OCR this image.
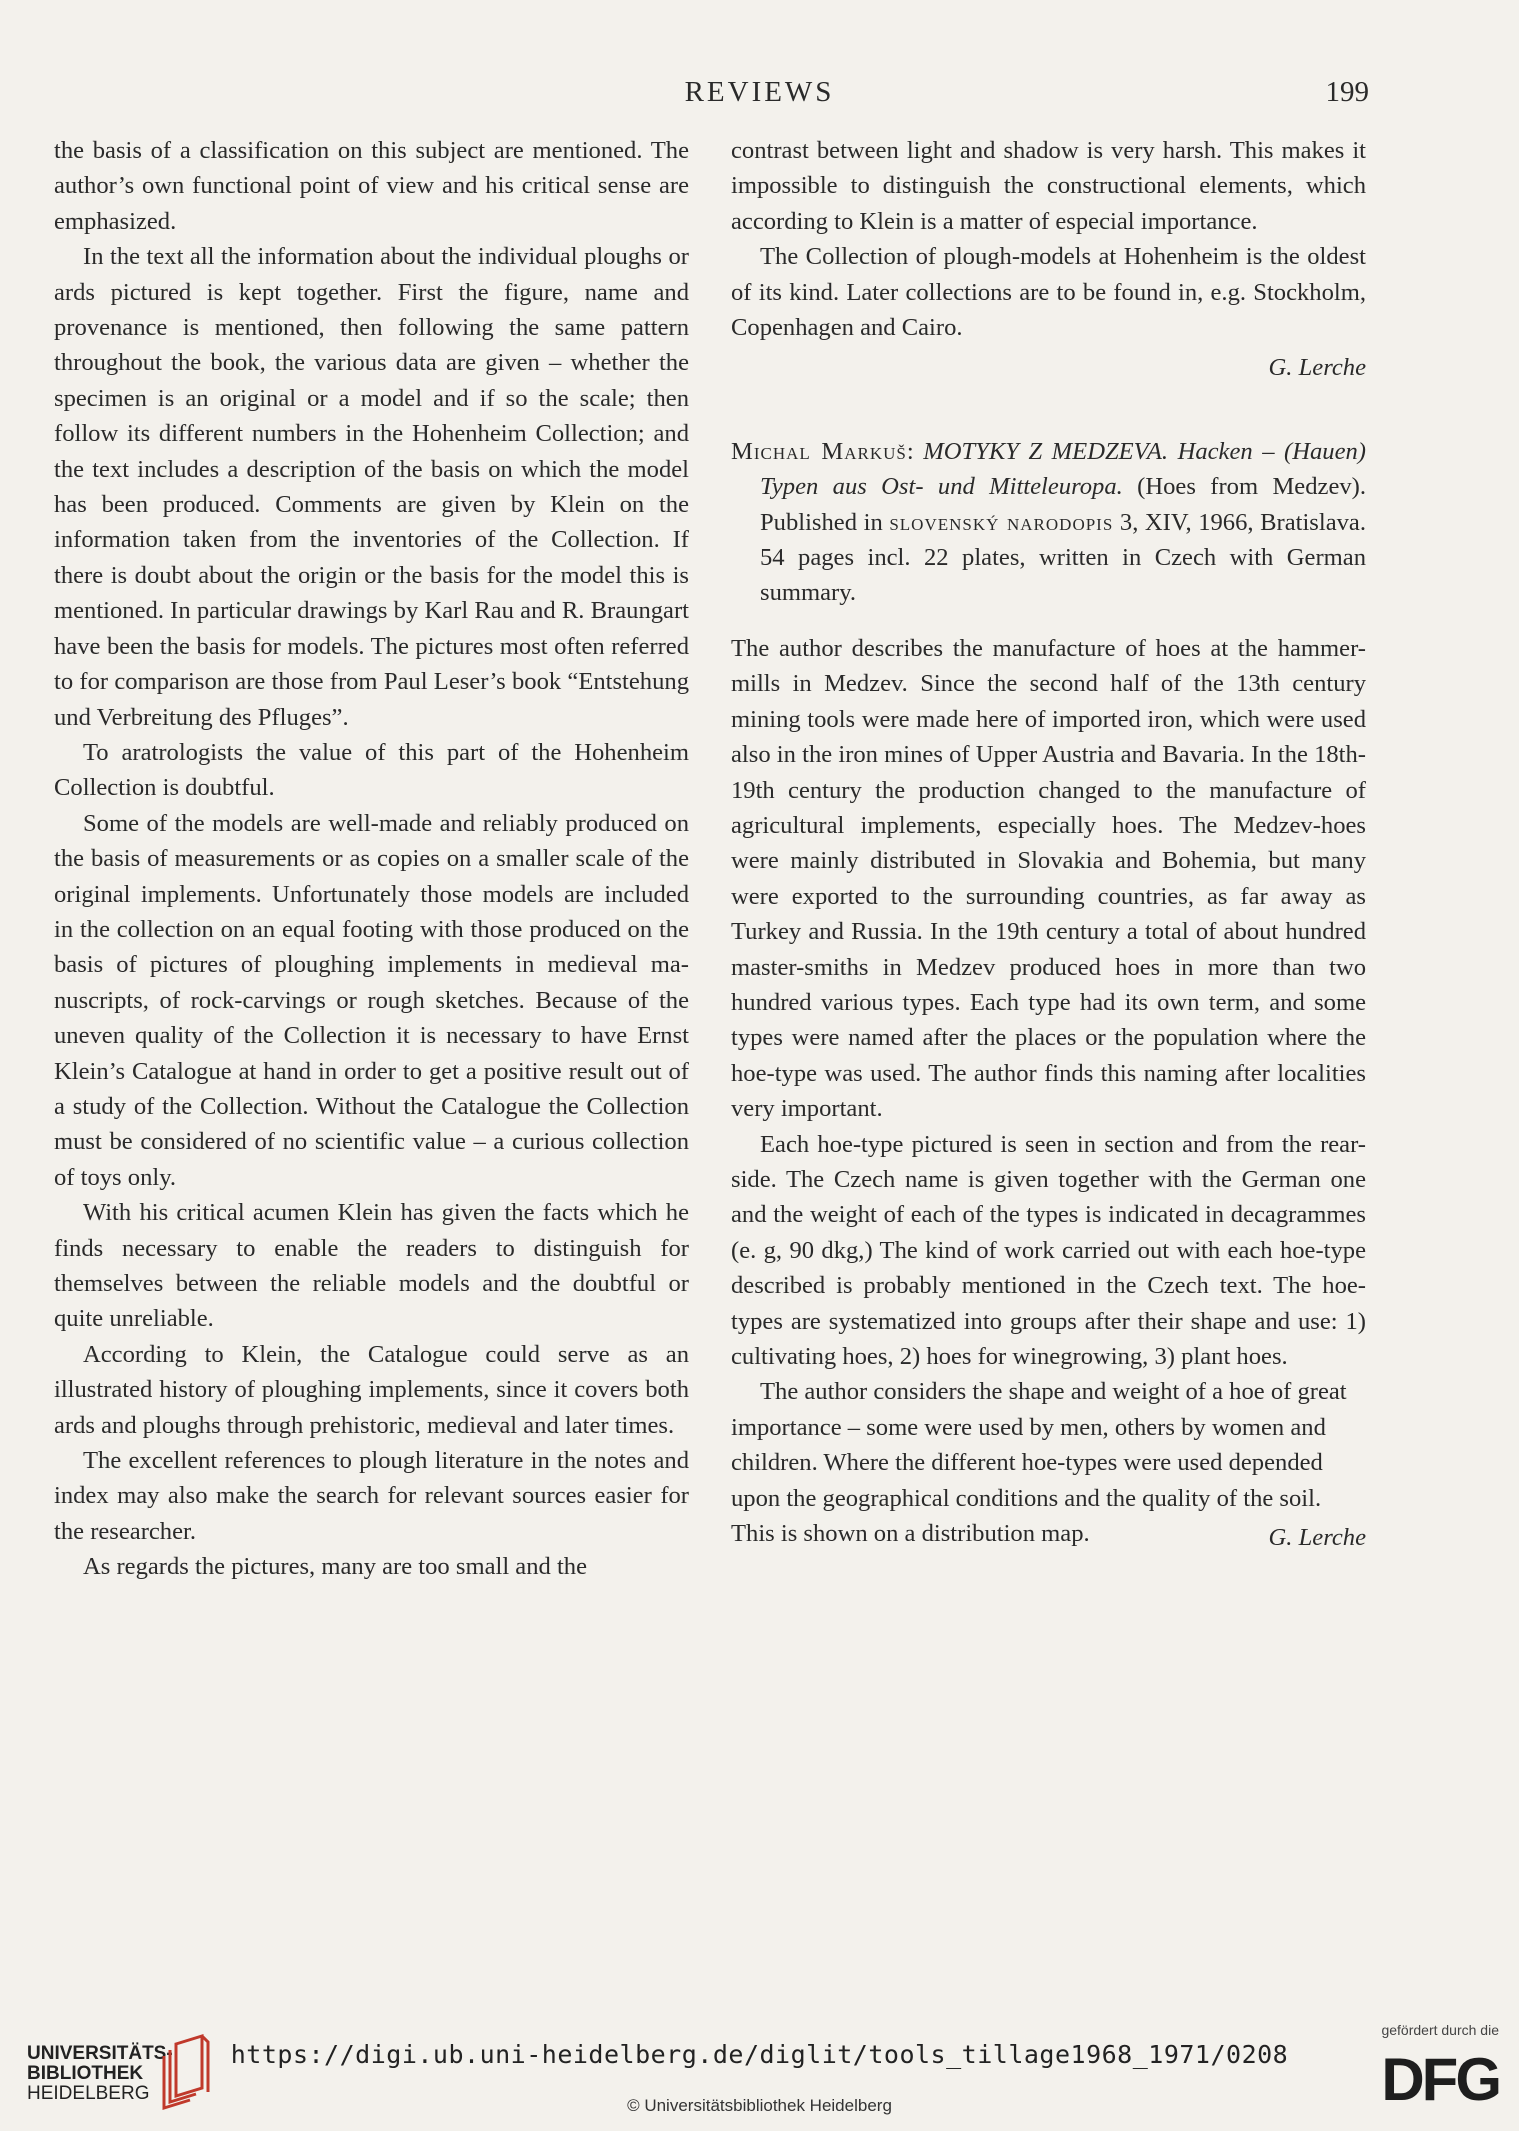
REVIEWS	199

the basis of a classification on this subject are mentioned. The author’s own functional point of view and his critical sense are emphasized.

In the text all the information about the individual ploughs or ards pictured is kept together. First the figure, name and provenance is mentioned, then following the same pattern throughout the book, the various data are given – whether the specimen is an original or a model and if so the scale; then follow its different numbers in the Hohenheim Collection; and the text includes a description of the basis on which the model has been produced. Comments are given by Klein on the information taken from the inventories of the Collection. If there is doubt about the origin or the basis for the model this is mentioned. In particular drawings by Karl Rau and R. Braungart have been the basis for models. The pictures most often referred to for comparison are those from Paul Leser’s book “Entstehung und Verbreitung des Pfluges”.

To aratrologists the value of this part of the Hohenheim Collection is doubtful.

Some of the models are well-made and reliably produced on the basis of measurements or as copies on a smaller scale of the original implements. Unfortunately those models are included in the collection on an equal footing with those produced on the basis of pictures of ploughing implements in medieval manuscripts, of rock-carvings or rough sketches. Because of the uneven quality of the Collection it is necessary to have Ernst Klein’s Catalogue at hand in order to get a positive result out of a study of the Collection. Without the Catalogue the Collection must be considered of no scientific value – a curious collection of toys only.

With his critical acumen Klein has given the facts which he finds necessary to enable the readers to distinguish for themselves between the reliable models and the doubtful or quite unreliable.

According to Klein, the Catalogue could serve as an illustrated history of ploughing implements, since it covers both ards and ploughs through prehistoric, medieval and later times.

The excellent references to plough literature in the notes and index may also make the search for relevant sources easier for the researcher.

As regards the pictures, many are too small and the

contrast between light and shadow is very harsh. This makes it impossible to distinguish the constructional elements, which according to Klein is a matter of especial importance.

The Collection of plough-models at Hohenheim is the oldest of its kind. Later collections are to be found in, e.g. Stockholm, Copenhagen and Cairo.

G. Lerche
Michal Markuš: MOTYKY Z MEDZEVA. Hacken – (Hauen) Typen aus Ost- und Mitteleuropa. (Hoes from Medzev). Published in slovenský narodopis 3, XIV, 1966, Bratislava. 54 pages incl. 22 plates, written in Czech with German summary.

The author describes the manufacture of hoes at the hammer-mills in Medzev. Since the second half of the 13th century mining tools were made here of imported iron, which were used also in the iron mines of Upper Austria and Bavaria. In the 18th-19th century the production changed to the manufacture of agricultural implements, especially hoes. The Medzev-hoes were mainly distributed in Slovakia and Bohemia, but many were exported to the surrounding countries, as far away as Turkey and Russia. In the 19th century a total of about hundred master-smiths in Medzev produced hoes in more than two hundred various types. Each type had its own term, and some types were named after the places or the population where the hoe-type was used. The author finds this naming after localities very important.

Each hoe-type pictured is seen in section and from the rear-side. The Czech name is given together with the German one and the weight of each of the types is indicated in decagrammes (e. g, 90 dkg,) The kind of work carried out with each hoe-type described is probably mentioned in the Czech text. The hoe-types are systematized into groups after their shape and use: 1) cultivating hoes, 2) hoes for winegrowing, 3) plant hoes.

The author considers the shape and weight of a hoe of great importance – some were used by men, others by women and children. Where the different hoe-types were used depended upon the geographical conditions and the quality of the soil. This is shown on a distribution map.	G. Lerche

UNIVERSITÄTS-
BIBLIOTHEK
HEIDELBERG
https://digi.ub.uni-heidelberg.de/diglit/tools_tillage1968_1971/0208
© Universitätsbibliothek Heidelberg
gefördert durch die
DFG
